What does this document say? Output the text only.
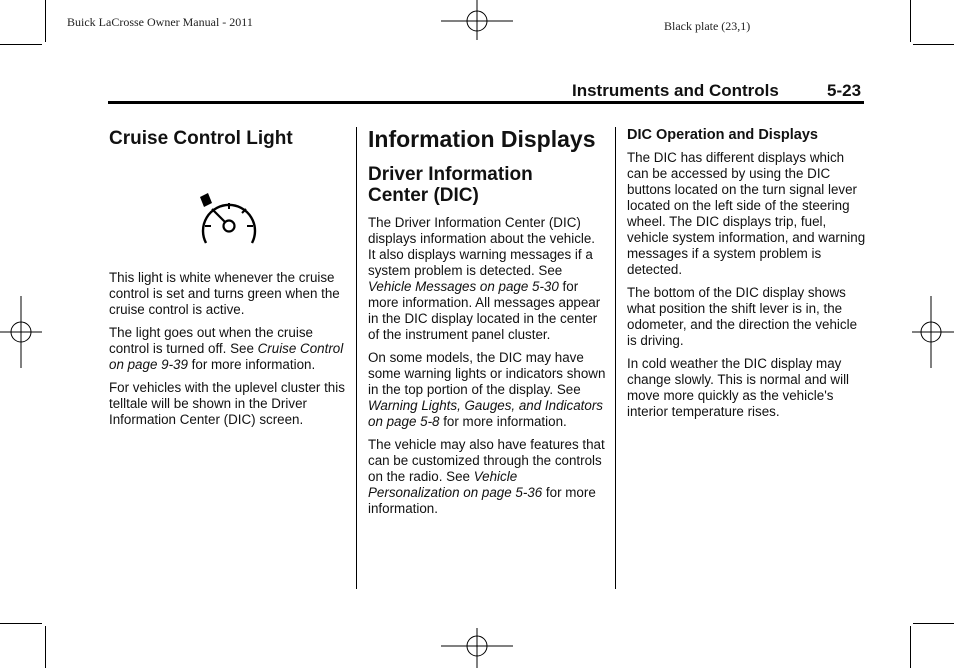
Buick LaCrosse Owner Manual - 2011	Black plate (23,1)
Instruments and Controls	5-23
Cruise Control Light

This light is white whenever the cruise control is set and turns green when the cruise control is active.

The light goes out when the cruise control is turned off. See Cruise Control on page 9-39 for more information.

For vehicles with the uplevel cluster this telltale will be shown in the Driver Information Center (DIC) screen.

Information Displays
Driver Information Center (DIC)

The Driver Information Center (DIC) displays information about the vehicle. It also displays warning messages if a system problem is detected. See Vehicle Messages on page 5-30 for more information. All messages appear in the DIC display located in the center of the instrument panel cluster.

On some models, the DIC may have some warning lights or indicators shown in the top portion of the display. See Warning Lights, Gauges, and Indicators on page 5-8 for more information.

The vehicle may also have features that can be customized through the controls on the radio. See Vehicle Personalization on page 5-36 for more information.

DIC Operation and Displays

The DIC has different displays which can be accessed by using the DIC buttons located on the turn signal lever located on the left side of the steering wheel. The DIC displays trip, fuel, vehicle system information, and warning messages if a system problem is detected.

The bottom of the DIC display shows what position the shift lever is in, the odometer, and the direction the vehicle is driving.

In cold weather the DIC display may change slowly. This is normal and will move more quickly as the vehicle's interior temperature rises.
